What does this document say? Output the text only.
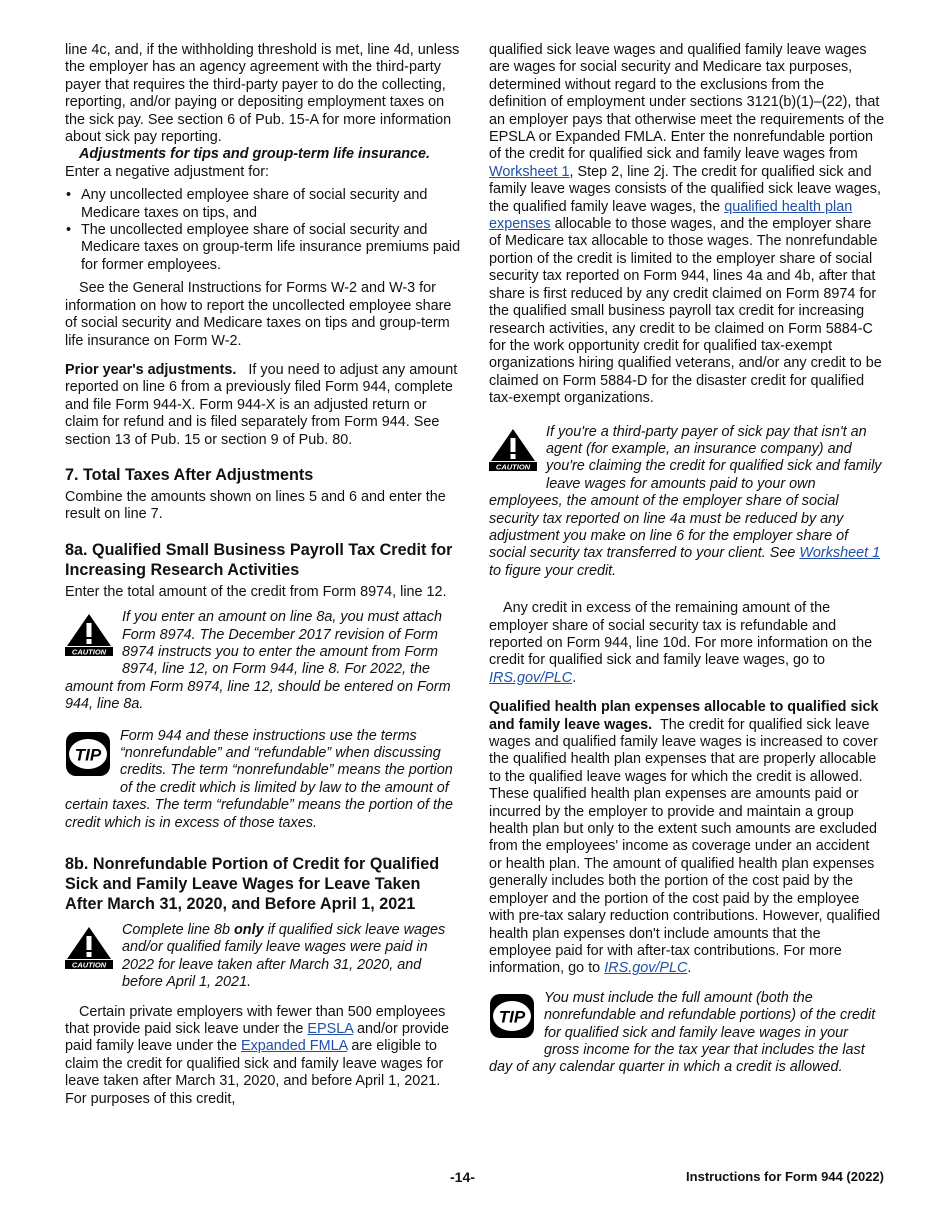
line 4c, and, if the withholding threshold is met, line 4d, unless the employer has an agency agreement with the third-party payer that requires the third-party payer to do the collecting, reporting, and/or paying or depositing employment taxes on the sick pay. See section 6 of Pub. 15-A for more information about sick pay reporting.

Adjustments for tips and group-term life insurance.

Enter a negative adjustment for:

• Any uncollected employee share of social security and Medicare taxes on tips, and

• The uncollected employee share of social security and Medicare taxes on group-term life insurance premiums paid for former employees.

See the General Instructions for Forms W-2 and W-3 for information on how to report the uncollected employee share of social security and Medicare taxes on tips and group-term life insurance on Form W-2.

Prior year's adjustments. If you need to adjust any amount reported on line 6 from a previously filed Form 944, complete and file Form 944-X. Form 944-X is an adjusted return or claim for refund and is filed separately from Form 944. See section 13 of Pub. 15 or section 9 of Pub. 80.

7. Total Taxes After Adjustments

Combine the amounts shown on lines 5 and 6 and enter the result on line 7.

8a. Qualified Small Business Payroll Tax Credit for Increasing Research Activities

Enter the total amount of the credit from Form 8974, line 12.

CAUTION
If you enter an amount on line 8a, you must attach Form 8974. The December 2017 revision of Form 8974 instructs you to enter the amount from Form 8974, line 12, on Form 944, line 8. For 2022, the amount from Form 8974, line 12, should be entered on Form 944, line 8a.
TIP
Form 944 and these instructions use the terms “nonrefundable” and “refundable” when discussing credits. The term “nonrefundable” means the portion of the credit which is limited by law to the amount of certain taxes. The term “refundable” means the portion of the credit which is in excess of those taxes.
8b. Nonrefundable Portion of Credit for Qualified Sick and Family Leave Wages for Leave Taken After March 31, 2020, and Before April 1, 2021
CAUTION
Complete line 8b only if qualified sick leave wages and/or qualified family leave wages were paid in 2022 for leave taken after March 31, 2020, and before April 1, 2021.

Certain private employers with fewer than 500 employees that provide paid sick leave under the EPSLA and/or provide paid family leave under the Expanded FMLA are eligible to claim the credit for qualified sick and family leave wages for leave taken after March 31, 2020, and before April 1, 2021. For purposes of this credit,

qualified sick leave wages and qualified family leave wages are wages for social security and Medicare tax purposes, determined without regard to the exclusions from the definition of employment under sections 3121(b)(1)–(22), that an employer pays that otherwise meet the requirements of the EPSLA or Expanded FMLA. Enter the nonrefundable portion of the credit for qualified sick and family leave wages from Worksheet 1, Step 2, line 2j. The credit for qualified sick and family leave wages consists of the qualified sick leave wages, the qualified family leave wages, the qualified health plan expenses allocable to those wages, and the employer share of Medicare tax allocable to those wages. The nonrefundable portion of the credit is limited to the employer share of social security tax reported on Form 944, lines 4a and 4b, after that share is first reduced by any credit claimed on Form 8974 for the qualified small business payroll tax credit for increasing research activities, any credit to be claimed on Form 5884-C for the work opportunity credit for qualified tax-exempt organizations hiring qualified veterans, and/or any credit to be claimed on Form 5884-D for the disaster credit for qualified tax-exempt organizations.

CAUTION
If you're a third-party payer of sick pay that isn't an agent (for example, an insurance company) and you're claiming the credit for qualified sick and family leave wages for amounts paid to your own employees, the amount of the employer share of social security tax reported on line 4a must be reduced by any adjustment you make on line 6 for the employer share of social security tax transferred to your client. See Worksheet 1 to figure your credit.

Any credit in excess of the remaining amount of the employer share of social security tax is refundable and reported on Form 944, line 10d. For more information on the credit for qualified sick and family leave wages, go to IRS.gov/PLC.

Qualified health plan expenses allocable to qualified sick and family leave wages. The credit for qualified sick leave wages and qualified family leave wages is increased to cover the qualified health plan expenses that are properly allocable to the qualified leave wages for which the credit is allowed. These qualified health plan expenses are amounts paid or incurred by the employer to provide and maintain a group health plan but only to the extent such amounts are excluded from the employees' income as coverage under an accident or health plan. The amount of qualified health plan expenses generally includes both the portion of the cost paid by the employer and the portion of the cost paid by the employee with pre-tax salary reduction contributions. However, qualified health plan expenses don't include amounts that the employee paid for with after-tax contributions. For more information, go to IRS.gov/PLC.

TIP
You must include the full amount (both the nonrefundable and refundable portions) of the credit for qualified sick and family leave wages in your gross income for the tax year that includes the last day of any calendar quarter in which a credit is allowed.
-14-	Instructions for Form 944 (2022)
